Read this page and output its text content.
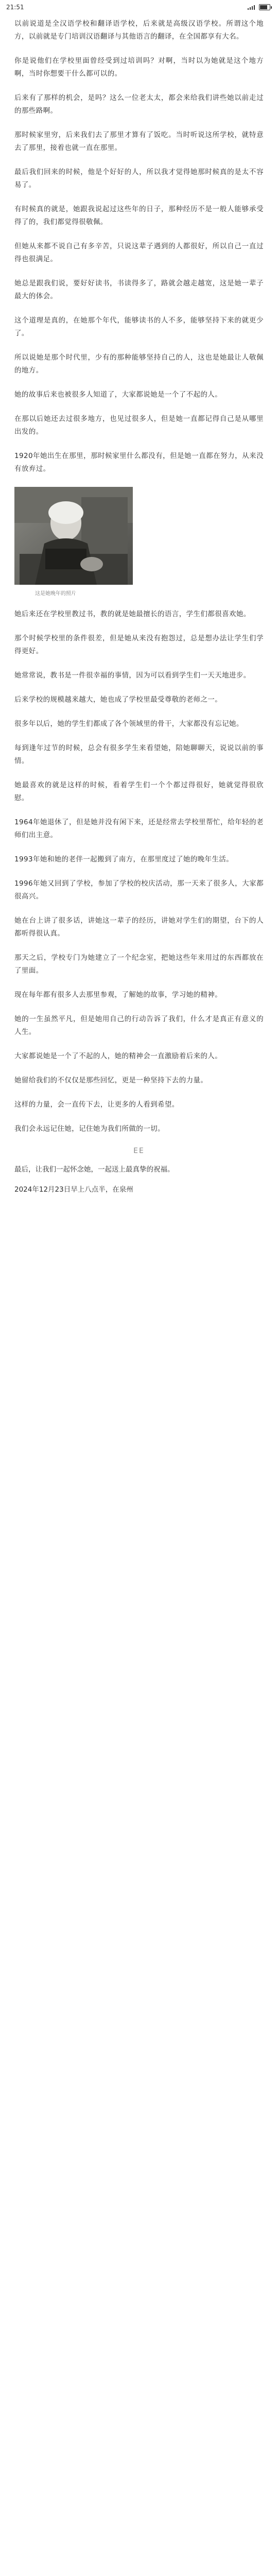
21:51

以前说道是全汉语学校和翻译语学校，后来就是高级汉语学校。所谓这个地方，以前就是专门培训汉语翻译与其他语言的翻译，在全国都享有大名。

你是说他们在学校里面曾经受到过培训吗？对啊，当时以为她就是这个地方啊，当时你想要干什么都可以的。

后来有了那样的机会，是吗？这么一位老太太，都会来给我们讲些她以前走过的那些路啊。

那时候家里穷，后来我们去了那里才算有了饭吃。当时听说这所学校，就特意去了那里，接着也就一直在那里。

最后我们回来的时候，他是个好好的人，所以我才觉得她那时候真的是太不容易了。

有时候真的就是，她跟我说起过这些年的日子，那种经历不是一般人能够承受得了的，我们都觉得很敬佩。

但她从来都不说自己有多辛苦，只说这辈子遇到的人都很好，所以自己一直过得也很满足。

她总是跟我们说，要好好读书，书读得多了，路就会越走越宽，这是她一辈子最大的体会。

这个道理是真的，在她那个年代，能够读书的人不多，能够坚持下来的就更少了。

所以说她是那个时代里，少有的那种能够坚持自己的人，这也是她最让人敬佩的地方。

她的故事后来也被很多人知道了，大家都说她是一个了不起的人。

在那以后她还去过很多地方，也见过很多人，但是她一直都记得自己是从哪里出发的。

1920年她出生在那里，那时候家里什么都没有，但是她一直都在努力，从来没有放弃过。

这是她晚年的照片

她后来还在学校里教过书，教的就是她最擅长的语言，学生们都很喜欢她。

那个时候学校里的条件很差，但是她从来没有抱怨过，总是想办法让学生们学得更好。

她常常说，教书是一件很幸福的事情，因为可以看到学生们一天天地进步。

后来学校的规模越来越大，她也成了学校里最受尊敬的老师之一。

很多年以后，她的学生们都成了各个领域里的骨干，大家都没有忘记她。

每到逢年过节的时候，总会有很多学生来看望她，陪她聊聊天，说说以前的事情。

她最喜欢的就是这样的时候，看着学生们一个个都过得很好，她就觉得很欣慰。

1964年她退休了，但是她并没有闲下来，还是经常去学校里帮忙，给年轻的老师们出主意。

1993年她和她的老伴一起搬到了南方，在那里度过了她的晚年生活。

1996年她又回到了学校，参加了学校的校庆活动，那一天来了很多人，大家都很高兴。

她在台上讲了很多话，讲她这一辈子的经历，讲她对学生们的期望，台下的人都听得很认真。

那天之后，学校专门为她建立了一个纪念室，把她这些年来用过的东西都放在了里面。

现在每年都有很多人去那里参观，了解她的故事，学习她的精神。

她的一生虽然平凡，但是她用自己的行动告诉了我们，什么才是真正有意义的人生。

大家都说她是一个了不起的人，她的精神会一直激励着后来的人。

她留给我们的不仅仅是那些回忆，更是一种坚持下去的力量。

这样的力量，会一直传下去，让更多的人看到希望。

我们会永远记住她，记住她为我们所做的一切。

EE

最后，让我们一起怀念她，一起送上最真挚的祝福。

2024年12月23日早上八点半，在泉州
